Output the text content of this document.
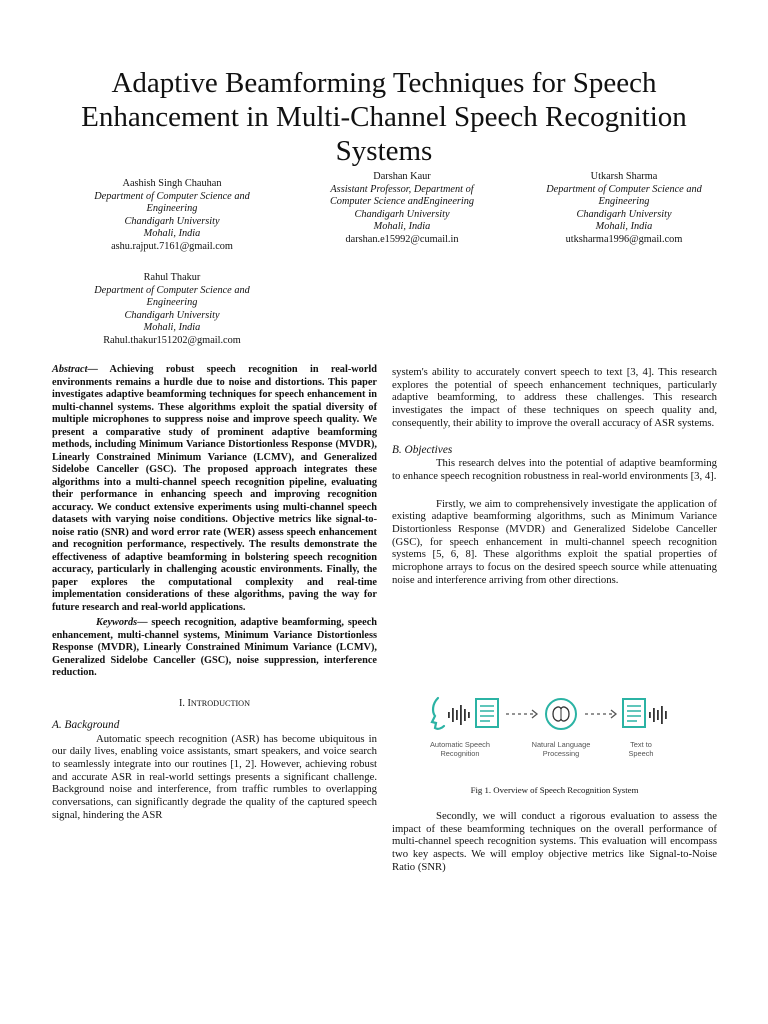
Adaptive Beamforming Techniques for Speech Enhancement in Multi-Channel Speech Recognition Systems
Aashish Singh Chauhan
Department of Computer Science and Engineering
Chandigarh University
Mohali, India
ashu.rajput.7161@gmail.com
Darshan Kaur
Assistant Professor, Department of Computer Science andEngineering
Chandigarh University
Mohali, India
darshan.e15992@cumail.in
Utkarsh Sharma
Department of Computer Science and Engineering
Chandigarh University
Mohali, India
utksharma1996@gmail.com
Rahul Thakur
Department of Computer Science and Engineering
Chandigarh University
Mohali, India
Rahul.thakur151202@gmail.com

Abstract— Achieving robust speech recognition in real-world environments remains a hurdle due to noise and distortions. This paper investigates adaptive beamforming techniques for speech enhancement in multi-channel systems. These algorithms exploit the spatial diversity of multiple microphones to suppress noise and improve speech quality. We present a comparative study of prominent adaptive beamforming methods, including Minimum Variance Distortionless Response (MVDR), Linearly Constrained Minimum Variance (LCMV), and Generalized Sidelobe Canceller (GSC). The proposed approach integrates these algorithms into a multi-channel speech recognition pipeline, evaluating their performance in enhancing speech and improving recognition accuracy. We conduct extensive experiments using multi-channel speech datasets with varying noise conditions. Objective metrics like signal-to-noise ratio (SNR) and word error rate (WER) assess speech enhancement and recognition performance, respectively. The results demonstrate the effectiveness of adaptive beamforming in bolstering speech recognition accuracy, particularly in challenging acoustic environments. Finally, the paper explores the computational complexity and real-time implementation considerations of these algorithms, paving the way for future research and real-world applications.

Keywords— speech recognition, adaptive beamforming, speech enhancement, multi-channel systems, Minimum Variance Distortionless Response (MVDR), Linearly Constrained Minimum Variance (LCMV), Generalized Sidelobe Canceller (GSC), noise suppression, interference reduction.

I. INTRODUCTION
A. Background

Automatic speech recognition (ASR) has become ubiquitous in our daily lives, enabling voice assistants, smart speakers, and voice search to seamlessly integrate into our routines [1, 2]. However, achieving robust and accurate ASR in real-world settings presents a significant challenge. Background noise and interference, from traffic rumbles to overlapping conversations, can significantly degrade the quality of the captured speech signal, hindering the ASR

system's ability to accurately convert speech to text [3, 4]. This research explores the potential of speech enhancement techniques, particularly adaptive beamforming, to address these challenges. This research investigates the impact of these techniques on speech quality and, consequently, their ability to improve the overall accuracy of ASR systems.

B. Objectives

This research delves into the potential of adaptive beamforming to enhance speech recognition robustness in real-world environments [3, 4].

Firstly, we aim to comprehensively investigate the application of existing adaptive beamforming algorithms, such as Minimum Variance Distortionless Response (MVDR) and Generalized Sidelobe Canceller (GSC), for speech enhancement in multi-channel speech recognition systems [5, 6, 8]. These algorithms exploit the spatial properties of microphone arrays to focus on the desired speech source while attenuating noise and interference arriving from other directions.

Automatic Speech
Recognition
Natural Language
Processing
Text to
Speech
Fig 1. Overview of Speech Recognition System

Secondly, we will conduct a rigorous evaluation to assess the impact of these beamforming techniques on the overall performance of multi-channel speech recognition systems. This evaluation will encompass two key aspects. We will employ objective metrics like Signal-to-Noise Ratio (SNR)
